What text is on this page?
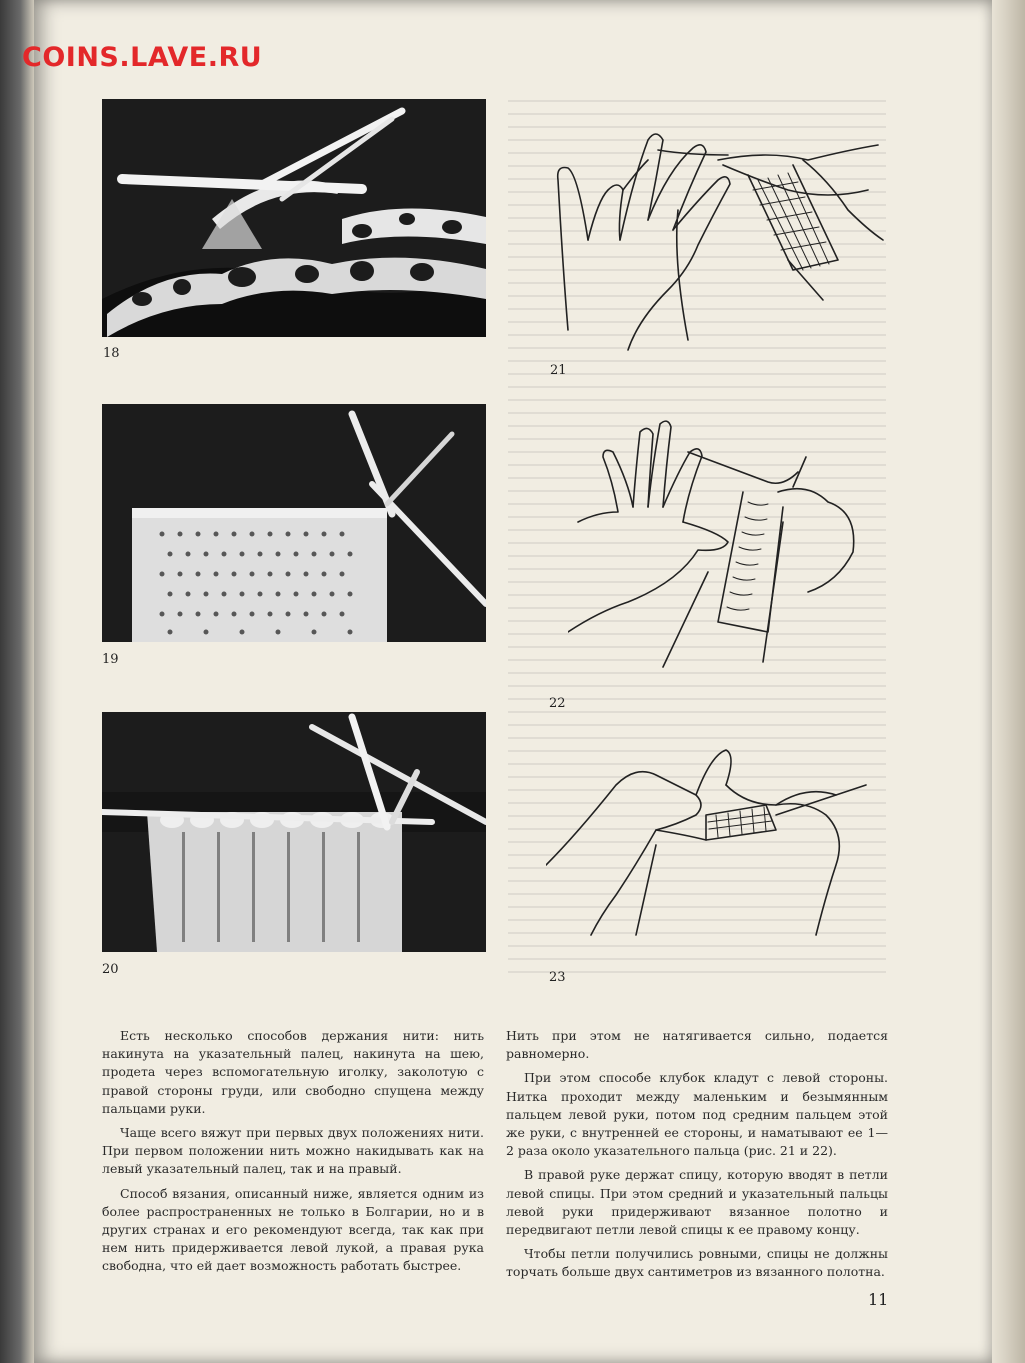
COINS.LAVE.RU
18
19
20
21
22
23

Есть несколько способов держания нити: нить накинута на указательный палец, накинута на шею, продета через вспомогательную иголку, заколотую с правой стороны груди, или свободно спущена между пальцами руки.

Чаще всего вяжут при первых двух положениях нити. При первом положении нить можно накидывать как на левый указательный палец, так и на правый.

Способ вязания, описанный ниже, является одним из более распространенных не только в Болгарии, но и в других странах и его рекомендуют всегда, так как при нем нить придерживается левой лукой, а правая рука свободна, что ей дает возможность работать быстрее.

Нить при этом не натягивается сильно, подается равномерно.

При этом способе клубок кладут с левой стороны. Нитка проходит между маленьким и безымянным пальцем левой руки, потом под средним пальцем этой же руки, с внутренней ее стороны, и наматывают ее 1—2 раза около указательного пальца (рис. 21 и 22).

В правой руке держат спицу, которую вводят в петли левой спицы. При этом средний и указательный пальцы левой руки придерживают вязанное полотно и передвигают петли левой спицы к ее правому концу.

Чтобы петли получились ровными, спицы не должны торчать больше двух сантиметров из вязанного полотна.

11
